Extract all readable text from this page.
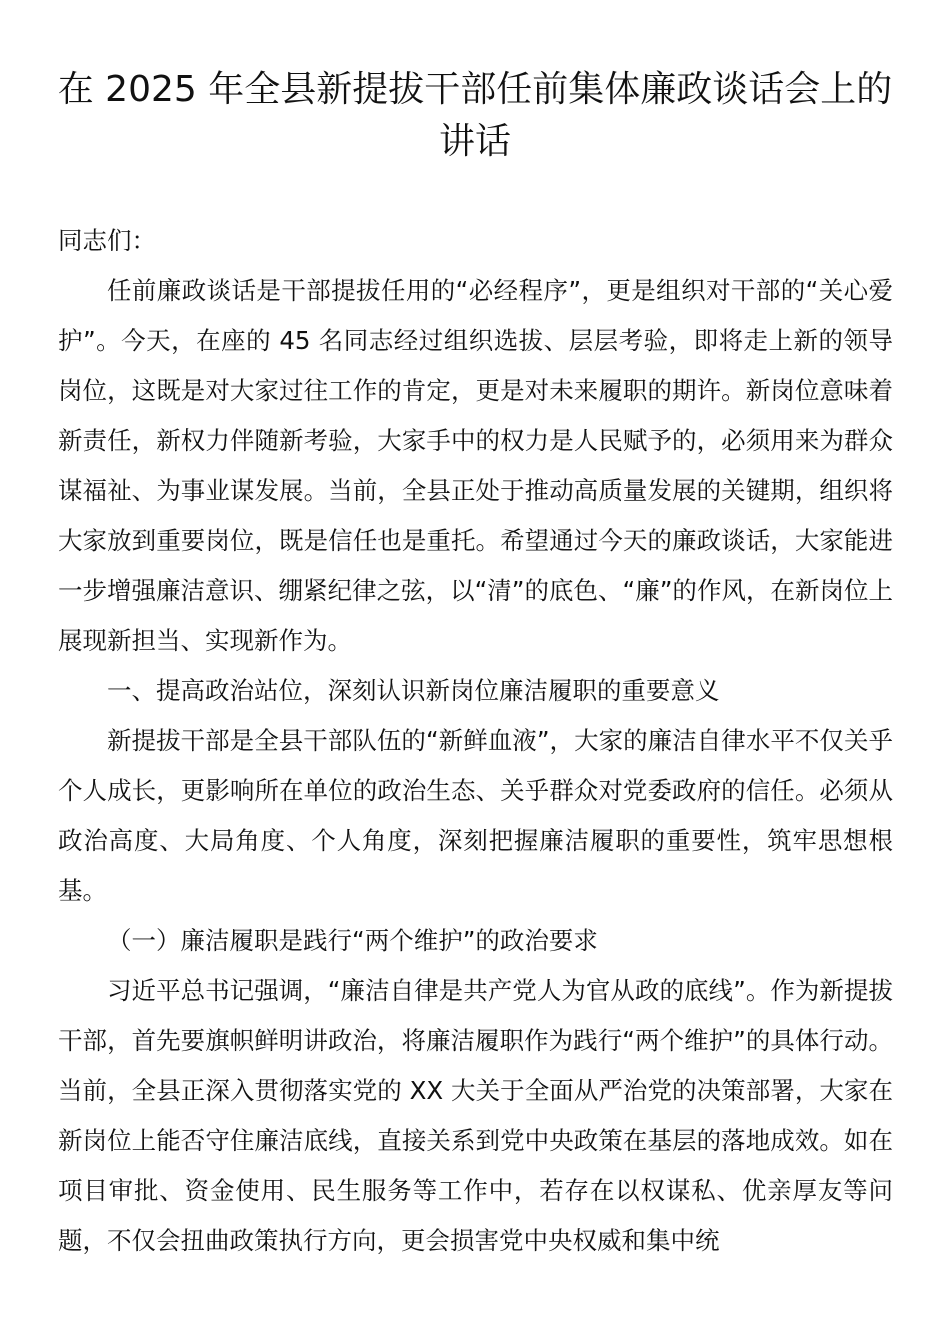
在 2025 年全县新提拔干部任前集体廉政谈话会上的讲话

同志们：

任前廉政谈话是干部提拔任用的“必经程序”，更是组织对干部的“关心爱护”。今天，在座的 45 名同志经过组织选拔、层层考验，即将走上新的领导岗位，这既是对大家过往工作的肯定，更是对未来履职的期许。新岗位意味着新责任，新权力伴随新考验，大家手中的权力是人民赋予的，必须用来为群众谋福祉、为事业谋发展。当前，全县正处于推动高质量发展的关键期，组织将大家放到重要岗位，既是信任也是重托。希望通过今天的廉政谈话，大家能进一步增强廉洁意识、绷紧纪律之弦，以“清”的底色、“廉”的作风，在新岗位上展现新担当、实现新作为。

一、提高政治站位，深刻认识新岗位廉洁履职的重要意义

新提拔干部是全县干部队伍的“新鲜血液”，大家的廉洁自律水平不仅关乎个人成长，更影响所在单位的政治生态、关乎群众对党委政府的信任。必须从政治高度、大局角度、个人角度，深刻把握廉洁履职的重要性，筑牢思想根基。

（一）廉洁履职是践行“两个维护”的政治要求

习近平总书记强调，“廉洁自律是共产党人为官从政的底线”。作为新提拔干部，首先要旗帜鲜明讲政治，将廉洁履职作为践行“两个维护”的具体行动。当前，全县正深入贯彻落实党的 XX 大关于全面从严治党的决策部署，大家在新岗位上能否守住廉洁底线，直接关系到党中央政策在基层的落地成效。如在项目审批、资金使用、民生服务等工作中，若存在以权谋私、优亲厚友等问题，不仅会扭曲政策执行方向，更会损害党中央权威和集中统
